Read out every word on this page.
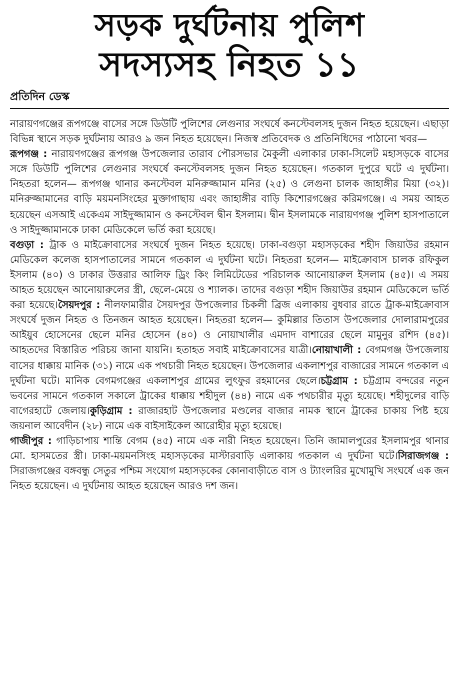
সড়ক দুর্ঘটনায় পুলিশ
সদস্যসহ নিহত ১১
প্রতিদিন ডেস্ক

নারায়ণগঞ্জের রূপগঞ্জে বাসের সঙ্গে ডিউটি পুলিশের লেগুনার সংঘর্ষে কনস্টেবলসহ দুজন নিহত হয়েছেন। এছাড়া বিভিন্ন স্থানে সড়ক দুর্ঘটনায় আরও ৯ জন নিহত হয়েছেন। নিজস্ব প্রতিবেদক ও প্রতিনিধিদের পাঠানো খবর—

রূপগঞ্জ : নারায়ণগঞ্জের রূপগঞ্জ উপজেলার তারাব পৌরসভার মৈকুলী এলাকার ঢাকা-সিলেট মহাসড়কে বাসের সঙ্গে ডিউটি পুলিশের লেগুনার সংঘর্ষে কনস্টেবলসহ দুজন নিহত হয়েছেন। গতকাল দুপুরে ঘটে এ দুর্ঘটনা। নিহতরা হলেন— রূপগঞ্জ থানার কনস্টেবল মনিরুজ্জামান মনির (২৫) ও লেগুনা চালক জাহাঙ্গীর মিয়া (৩২)। মনিরুজ্জামানের বাড়ি ময়মনসিংহের মুক্তাগাছায় এবং জাহাঙ্গীর বাড়ি কিশোরগঞ্জের করিমগঞ্জে। এ সময় আহত হয়েছেন এসআই একেএম সাইদুজ্জামান ও কনস্টেবল দ্বীন ইসলাম। দ্বীন ইসলামকে নারায়ণগঞ্জ পুলিশ হাসপাতালে ও সাইদুজ্জামানকে ঢাকা মেডিকেলে ভর্তি করা হয়েছে।

বগুড়া : ট্রাক ও মাইক্রোবাসের সংঘর্ষে দুজন নিহত হয়েছে। ঢাকা-বগুড়া মহাসড়কের শহীদ জিয়াউর রহমান মেডিকেল কলেজ হাসপাতালের সামনে গতকাল এ দুর্ঘটনা ঘটে। নিহতরা হলেন— মাইক্রোবাস চালক রফিকুল ইসলাম (৪০) ও ঢাকার উত্তরার আলিফ ড্রিং কিং লিমিটেডের পরিচালক আনোয়ারুল ইসলাম (৪৫)। এ সময় আহত হয়েছেন আনোয়ারুলের স্ত্রী, ছেলে-মেয়ে ও শ্যালক। তাদের বগুড়া শহীদ জিয়াউর রহমান মেডিকেলে ভর্তি করা হয়েছে।সৈয়দপুর : নীলফামারীর সৈয়দপুর উপজেলার চিকলী ব্রিজ এলাকায় বুধবার রাতে ট্রাক-মাইক্রোবাস সংঘর্ষে দুজন নিহত ও তিনজন আহত হয়েছেন। নিহতরা হলেন— কুমিল্লার তিতাস উপজেলার দোলারামপুরের আইয়ুব হোসেনের ছেলে মনির হোসেন (৪০) ও নোয়াখালীর এমদাদ বাশারের ছেলে মামুনুর রশিদ (৪৫)। আহতদের বিস্তারিত পরিচয় জানা যায়নি। হতাহত সবাই মাইক্রোবাসের যাত্রী।নোয়াখালী : বেগমগঞ্জ উপজেলায় বাসের ধাক্কায় মানিক (৩১) নামে এক পথচারী নিহত হয়েছেন। উপজেলার একলাশপুর বাজারের সামনে গতকাল এ দুর্ঘটনা ঘটে। মানিক বেগমগঞ্জের একলাশপুর গ্রামের লুৎফুর রহমানের ছেলে।চট্টগ্রাম : চট্টগ্রাম বন্দরের নতুন ভবনের সামনে গতকাল সকালে ট্রাকের ধাক্কায় শহীদুল (৪৪) নামে এক পথচারীর মৃত্যু হয়েছে। শহীদুলের বাড়ি বাগেরহাটে জেলায়।কুড়িগ্রাম : রাজারহাট উপজেলার মণ্ডলের বাজার নামক স্থানে ট্রাকের চাকায় পিষ্ট হয়ে জয়নাল আবেদীন (২৮) নামে এক বাইসাইকেল আরোহীর মৃত্যু হয়েছে।

গাজীপুর : গাড়িচাপায় শান্তি বেগম (৪৫) নামে এক নারী নিহত হয়েছেন। তিনি জামালপুরের ইসলামপুর থানার মো. হাসমতের স্ত্রী। ঢাকা-ময়মনসিংহ মহাসড়কের মাস্টারবাড়ি এলাকায় গতকাল এ দুর্ঘটনা ঘটে।সিরাজগঞ্জ : সিরাজগঞ্জের বঙ্গবন্ধু সেতুর পশ্চিম সংযোগ মহাসড়কের কোনাবাড়ীতে বাস ও ট্যাংলরির মুখোমুখি সংঘর্ষে এক জন নিহত হয়েছেন। এ দুর্ঘটনায় আহত হয়েছেন আরও দশ জন।
